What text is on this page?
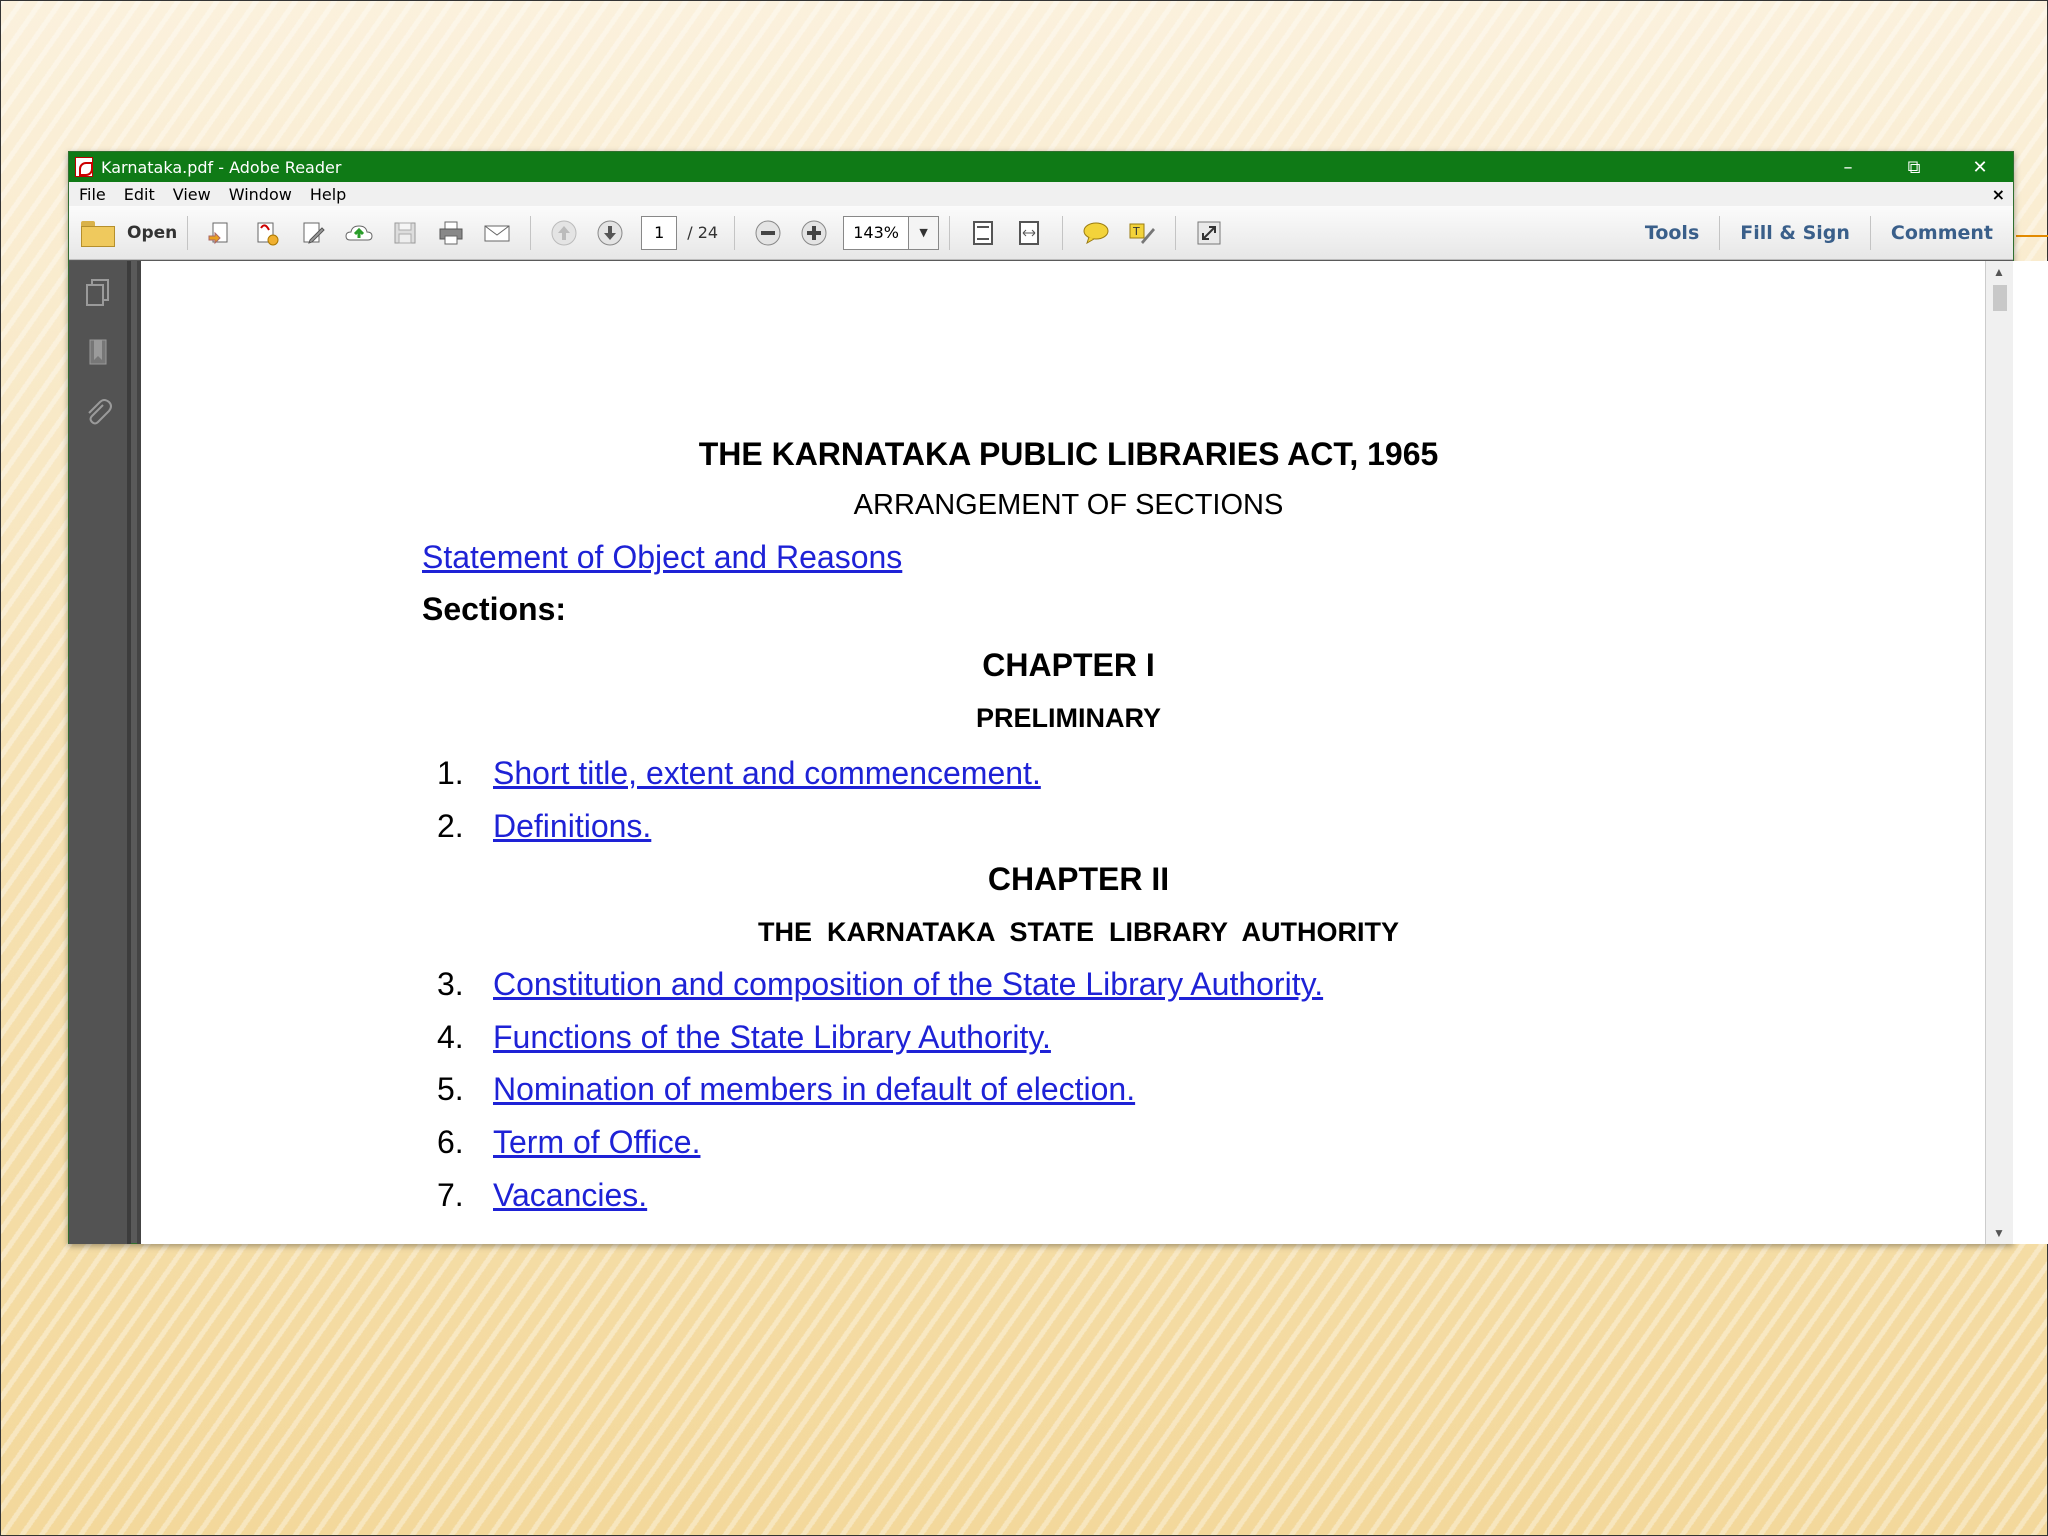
Karnataka.pdf - Adobe Reader	–	⧉	✕
File	Edit	View	Window	Help	×
Open	1	/ 24	143%	▼	T	Tools	Fill & Sign	Comment
THE KARNATAKA PUBLIC LIBRARIES ACT, 1965
ARRANGEMENT OF SECTIONS
Statement of Object and Reasons
Sections:
CHAPTER I
PRELIMINARY
1. Short title, extent and commencement.
2. Definitions.
CHAPTER II
THE  KARNATAKA  STATE  LIBRARY  AUTHORITY
3. Constitution and composition of the State Library Authority.
4. Functions of the State Library Authority.
5. Nomination of members in default of election.
6. Term of Office.
7. Vacancies.
▲
▼
